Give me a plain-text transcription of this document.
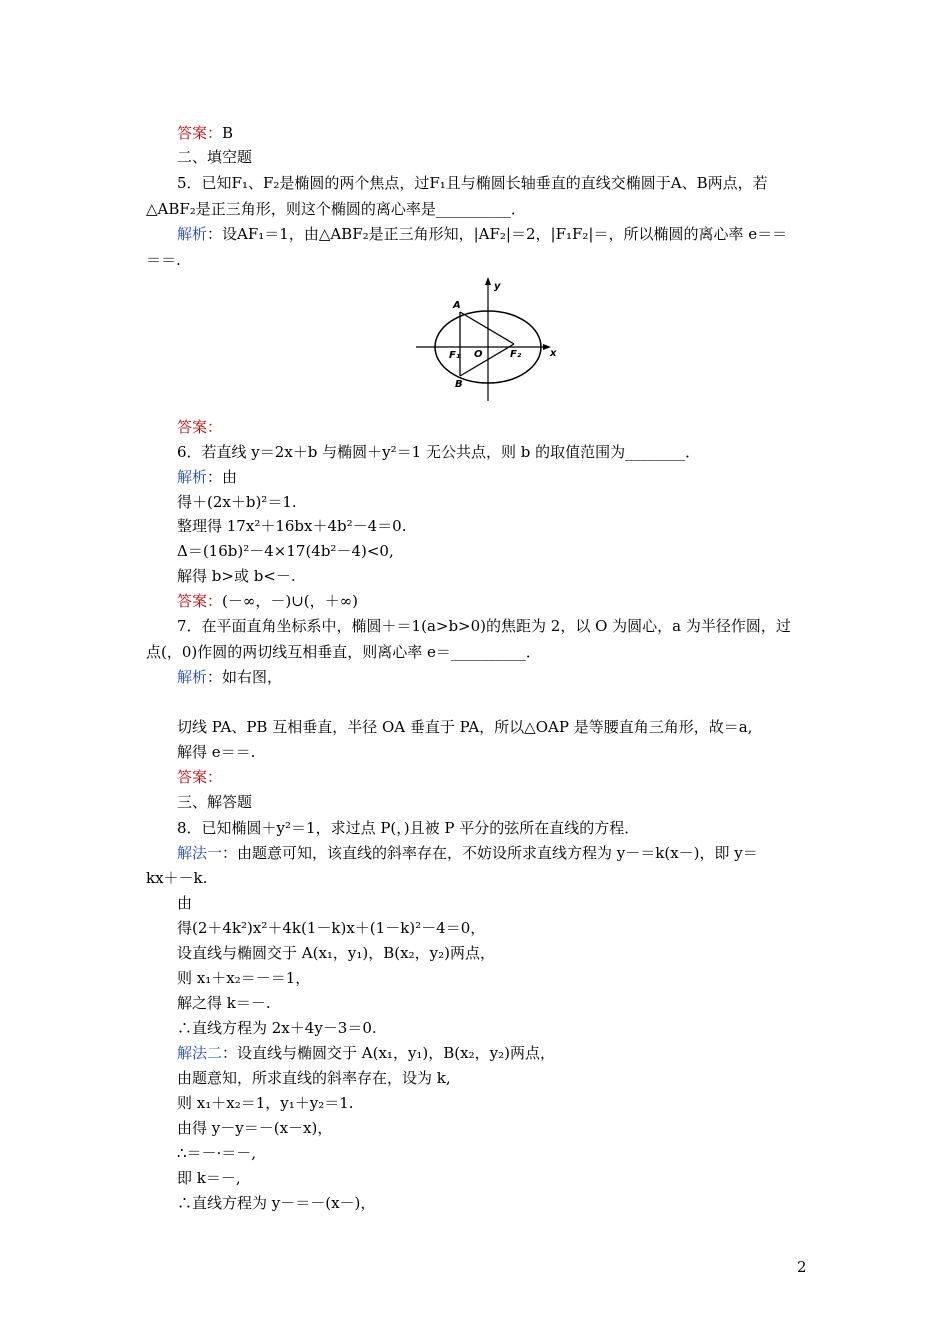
答案：B
二、填空题
5．已知F₁、F₂是椭圆的两个焦点，过F₁且与椭圆长轴垂直的直线交椭圆于A、B两点，若
△ABF₂是正三角形，则这个椭圆的离心率是__________．
解析：设AF₁＝1，由△ABF₂是正三角形知，|AF₂|＝2，|F₁F₂|＝，所以椭圆的离心率 e＝＝
＝＝.
A
B
F₁ O	F₂	x
y
答案：
6．若直线 y＝2x＋b 与椭圆＋y²＝1 无公共点，则 b 的取值范围为________．
解析：由
得＋(2x＋b)²＝1.
整理得 17x²＋16bx＋4b²－4＝0.
Δ＝(16b)²－4×17(4b²－4)<0,
解得 b>或 b<－.
答案：(－∞，－)∪(，＋∞)
7．在平面直角坐标系中，椭圆＋＝1(a>b>0)的焦距为 2，以 O 为圆心，a 为半径作圆，过
点(，0)作圆的两切线互相垂直，则离心率 e＝__________．
解析：如右图，
切线 PA、PB 互相垂直，半径 OA 垂直于 PA，所以△OAP 是等腰直角三角形，故＝a,
解得 e＝＝.
答案：
三、解答题
8．已知椭圆＋y²＝1，求过点 P(，)且被 P 平分的弦所在直线的方程．
解法一：由题意可知，该直线的斜率存在，不妨设所求直线方程为 y－＝k(x－)，即 y＝
kx＋－k.
由
得(2＋4k²)x²＋4k(1－k)x＋(1－k)²－4＝0，
设直线与椭圆交于 A(x₁，y₁)，B(x₂，y₂)两点，
则 x₁＋x₂＝－＝1，
解之得 k＝－.
∴直线方程为 2x＋4y－3＝0.
解法二：设直线与椭圆交于 A(x₁，y₁)，B(x₂，y₂)两点，
由题意知，所求直线的斜率存在，设为 k,
则 x₁＋x₂＝1，y₁＋y₂＝1.
由得 y－y＝－(x－x)，
∴＝－·＝－,
即 k＝－,
∴直线方程为 y－＝－(x－)，
2
